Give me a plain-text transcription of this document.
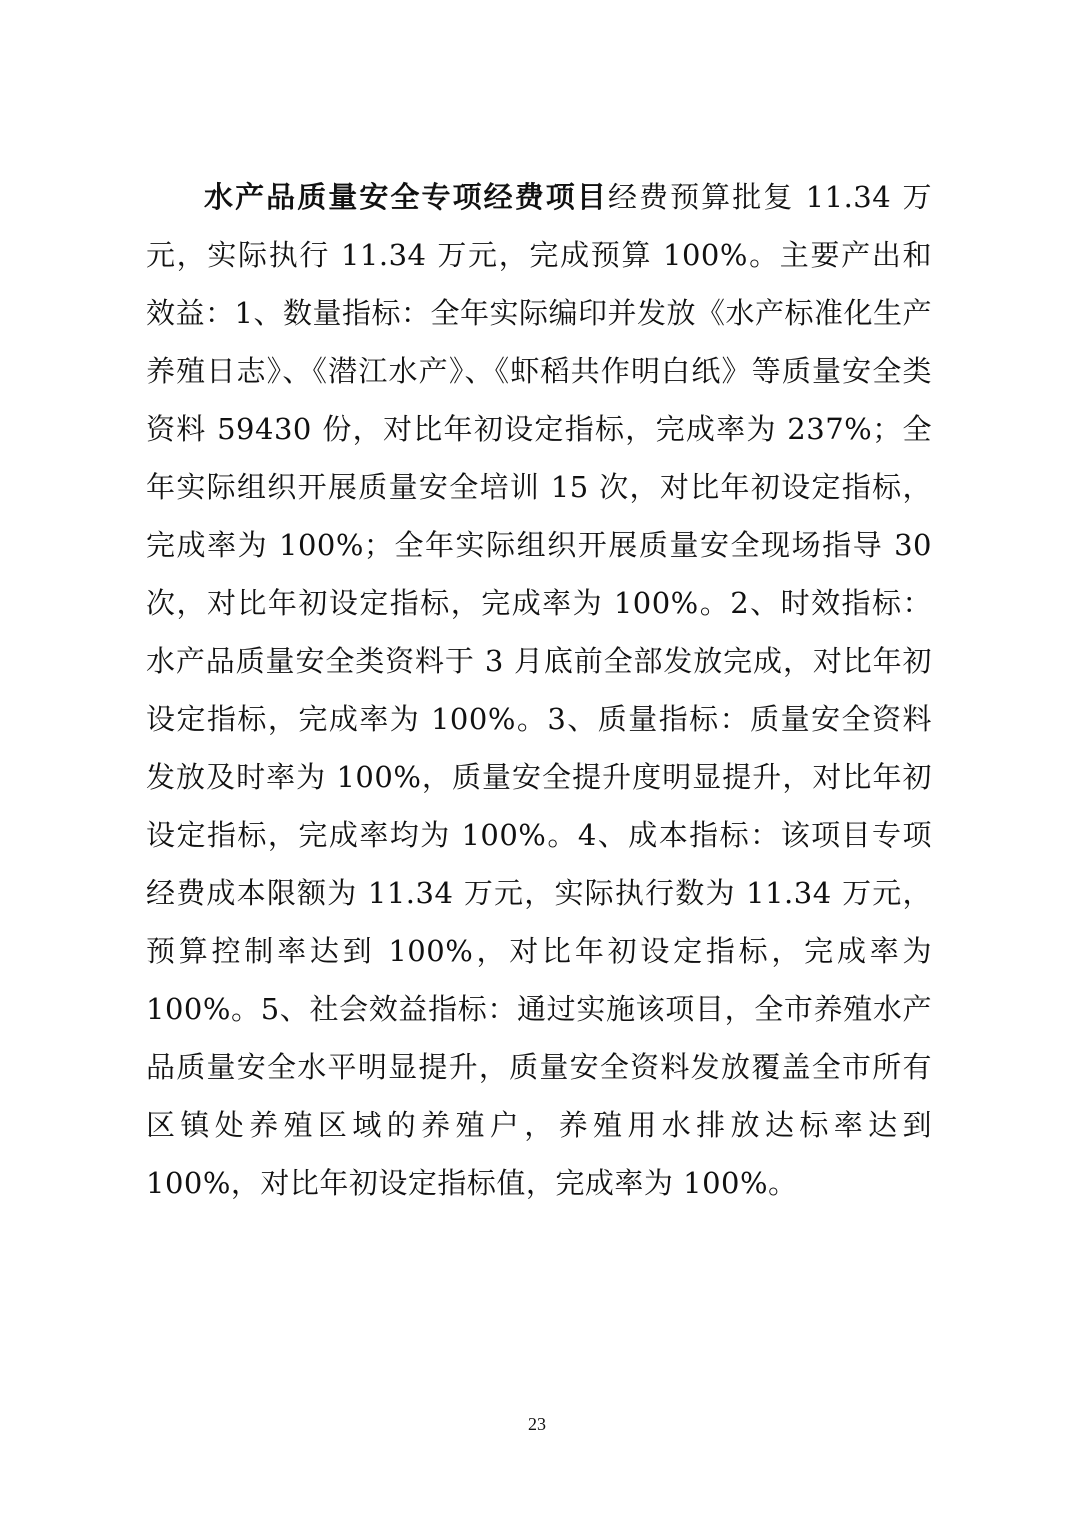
水产品质量安全专项经费项目经费预算批复 11.34 万元，实际执行 11.34 万元，完成预算 100%。主要产出和效益：1、数量指标：全年实际编印并发放《水产标准化生产养殖日志》、《潜江水产》、《虾稻共作明白纸》等质量安全类资料 59430 份，对比年初设定指标，完成率为 237%；全年实际组织开展质量安全培训 15 次，对比年初设定指标，完成率为 100%；全年实际组织开展质量安全现场指导 30 次，对比年初设定指标，完成率为 100%。2、时效指标：水产品质量安全类资料于 3 月底前全部发放完成，对比年初设定指标，完成率为 100%。3、质量指标：质量安全资料发放及时率为 100%，质量安全提升度明显提升，对比年初设定指标，完成率均为 100%。4、成本指标：该项目专项经费成本限额为 11.34 万元，实际执行数为 11.34 万元，预算控制率达到 100%，对比年初设定指标，完成率为 100%。5、社会效益指标：通过实施该项目，全市养殖水产品质量安全水平明显提升，质量安全资料发放覆盖全市所有区镇处养殖区域的养殖户，养殖用水排放达标率达到 100%，对比年初设定指标值，完成率为 100%。

23
